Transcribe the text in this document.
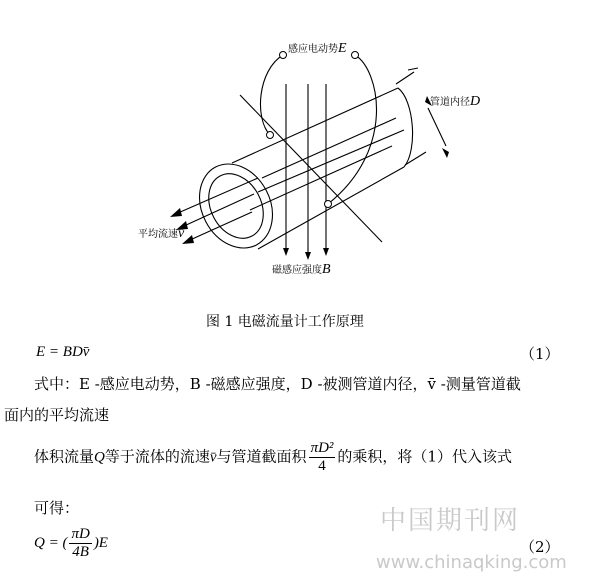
感应电动势E
管道内径D
平均流速v̄
磁感应强度B
图 1 电磁流量计工作原理
E = BDv̄	（1）
式中：E -感应电动势，B -磁感应强度，D -被测管道内径，v̄ -测量管道截
面内的平均流速
体积流量Q等于流体的流速v̄与管道截面积 $\frac{\text{πD²}}{4}$ 的乘积，将（1）代入该式
可得：
Q = ( $\frac{\pi D}{4B} )E$	（2）
中国期刊网
www.chinaqking.com
